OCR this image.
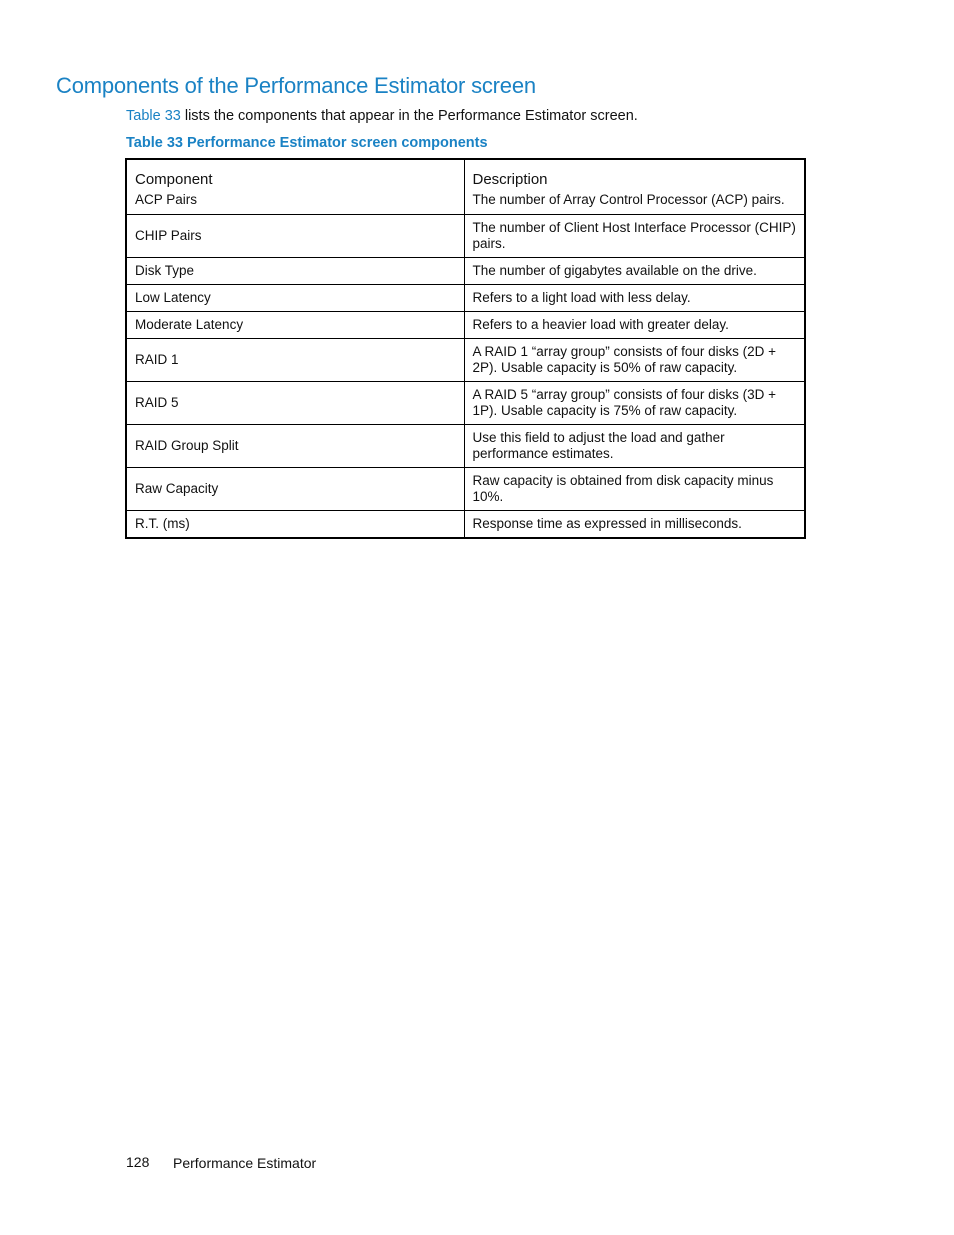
Components of the Performance Estimator screen

Table 33 lists the components that appear in the Performance Estimator screen.

Table 33 Performance Estimator screen components

Component	Description
ACP Pairs	The number of Array Control Processor (ACP) pairs.
CHIP Pairs	The number of Client Host Interface Processor (CHIP) pairs.
Disk Type	The number of gigabytes available on the drive.
Low Latency	Refers to a light load with less delay.
Moderate Latency	Refers to a heavier load with greater delay.
RAID 1	A RAID 1 “array group” consists of four disks (2D + 2P). Usable capacity is 50% of raw capacity.
RAID 5	A RAID 5 “array group” consists of four disks (3D + 1P). Usable capacity is 75% of raw capacity.
RAID Group Split	Use this field to adjust the load and gather performance estimates.
Raw Capacity	Raw capacity is obtained from disk capacity minus 10%.
R.T. (ms)	Response time as expressed in milliseconds.
128 Performance Estimator
